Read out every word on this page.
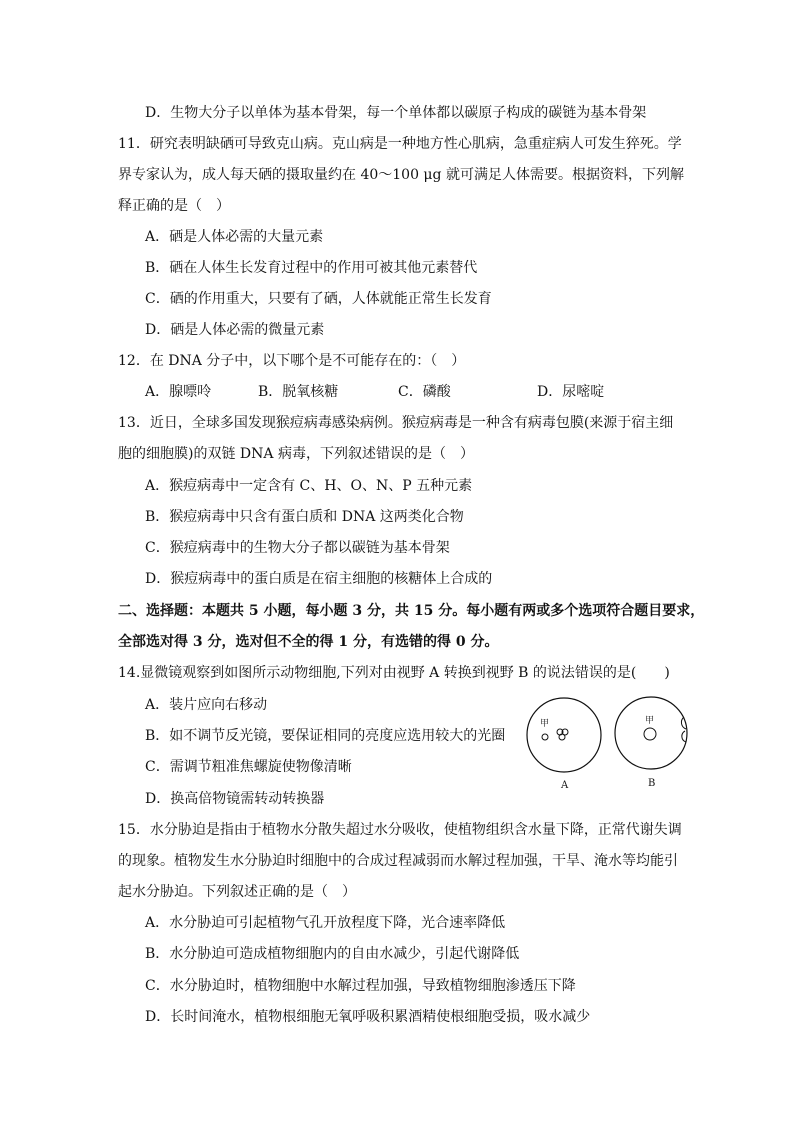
D．生物大分子以单体为基本骨架，每一个单体都以碳原子构成的碳链为基本骨架
11．研究表明缺硒可导致克山病。克山病是一种地方性心肌病，急重症病人可发生猝死。学
界专家认为，成人每天硒的摄取量约在 40～100 μg 就可满足人体需要。根据资料，下列解
释正确的是（　）
A．硒是人体必需的大量元素
B．硒在人体生长发育过程中的作用可被其他元素替代
C．硒的作用重大，只要有了硒，人体就能正常生长发育
D．硒是人体必需的微量元素
12．在 DNA 分子中，以下哪个是不可能存在的：（　）
A．腺嘌呤	B．脱氧核糖	C．磷酸	D．尿嘧啶
13．近日，全球多国发现猴痘病毒感染病例。猴痘病毒是一种含有病毒包膜(来源于宿主细
胞的细胞膜)的双链 DNA 病毒，下列叙述错误的是（　）
A．猴痘病毒中一定含有 C、H、O、N、P 五种元素
B．猴痘病毒中只含有蛋白质和 DNA 这两类化合物
C．猴痘病毒中的生物大分子都以碳链为基本骨架
D．猴痘病毒中的蛋白质是在宿主细胞的核糖体上合成的
二、选择题：本题共 5 小题，每小题 3 分，共 15 分。每小题有两或多个选项符合题目要求，
全部选对得 3 分，选对但不全的得 1 分，有选错的得 0 分。
14.显微镜观察到如图所示动物细胞,下列对由视野 A 转换到视野 B 的说法错误的是(　　)
A．装片应向右移动
B．如不调节反光镜，要保证相同的亮度应选用较大的光圈
C．需调节粗准焦螺旋使物像清晰
D．换高倍物镜需转动转换器
甲
A
甲
B
15．水分胁迫是指由于植物水分散失超过水分吸收，使植物组织含水量下降，正常代谢失调
的现象。植物发生水分胁迫时细胞中的合成过程减弱而水解过程加强，干旱、淹水等均能引
起水分胁迫。下列叙述正确的是（　）
A．水分胁迫可引起植物气孔开放程度下降，光合速率降低
B．水分胁迫可造成植物细胞内的自由水减少，引起代谢降低
C．水分胁迫时，植物细胞中水解过程加强，导致植物细胞渗透压下降
D．长时间淹水，植物根细胞无氧呼吸积累酒精使根细胞受损，吸水减少
